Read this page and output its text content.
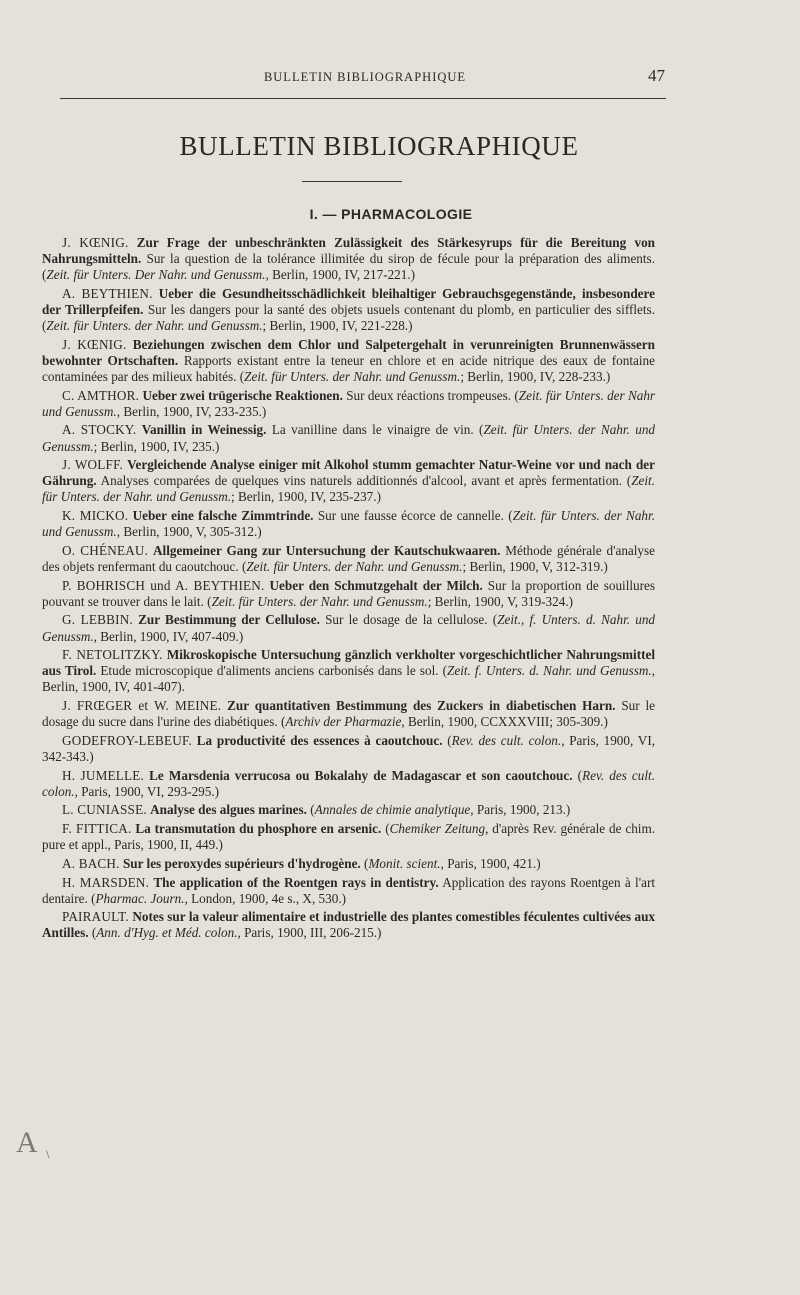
BULLETIN BIBLIOGRAPHIQUE	47
BULLETIN BIBLIOGRAPHIQUE
I. — PHARMACOLOGIE

J. KŒNIG. Zur Frage der unbeschränkten Zulässigkeit des Stärkesyrups für die Bereitung von Nahrungsmitteln. Sur la question de la tolérance illimitée du sirop de fécule pour la préparation des aliments. (Zeit. für Unters. Der Nahr. und Genussm., Berlin, 1900, IV, 217-221.)

A. BEYTHIEN. Ueber die Gesundheitsschädlichkeit bleihaltiger Gebrauchsgegenstände, insbesondere der Trillerpfeifen. Sur les dangers pour la santé des objets usuels contenant du plomb, en particulier des sifflets. (Zeit. für Unters. der Nahr. und Genussm.; Berlin, 1900, IV, 221-228.)

J. KŒNIG. Beziehungen zwischen dem Chlor und Salpetergehalt in verunreinigten Brunnenwässern bewohnter Ortschaften. Rapports existant entre la teneur en chlore et en acide nitrique des eaux de fontaine contaminées par des milieux habités. (Zeit. für Unters. der Nahr. und Genussm.; Berlin, 1900, IV, 228-233.)

C. AMTHOR. Ueber zwei trügerische Reaktionen. Sur deux réactions trompeuses. (Zeit. für Unters. der Nahr und Genussm., Berlin, 1900, IV, 233-235.)

A. STOCKY. Vanillin in Weinessig. La vanilline dans le vinaigre de vin. (Zeit. für Unters. der Nahr. und Genussm.; Berlin, 1900, IV, 235.)

J. WOLFF. Vergleichende Analyse einiger mit Alkohol stumm gemachter Natur-Weine vor und nach der Gährung. Analyses comparées de quelques vins naturels additionnés d'alcool, avant et après fermentation. (Zeit. für Unters. der Nahr. und Genussm.; Berlin, 1900, IV, 235-237.)

K. MICKO. Ueber eine falsche Zimmtrinde. Sur une fausse écorce de cannelle. (Zeit. für Unters. der Nahr. und Genussm., Berlin, 1900, V, 305-312.)

O. CHÉNEAU. Allgemeiner Gang zur Untersuchung der Kautschukwaaren. Méthode générale d'analyse des objets renfermant du caoutchouc. (Zeit. für Unters. der Nahr. und Genussm.; Berlin, 1900, V, 312-319.)

P. BOHRISCH und A. BEYTHIEN. Ueber den Schmutzgehalt der Milch. Sur la proportion de souillures pouvant se trouver dans le lait. (Zeit. für Unters. der Nahr. und Genussm.; Berlin, 1900, V, 319-324.)

G. LEBBIN. Zur Bestimmung der Cellulose. Sur le dosage de la cellulose. (Zeit., f. Unters. d. Nahr. und Genussm., Berlin, 1900, IV, 407-409.)

F. NETOLITZKY. Mikroskopische Untersuchung gänzlich verkholter vorgeschichtlicher Nahrungsmittel aus Tirol. Etude microscopique d'aliments anciens carbonisés dans le sol. (Zeit. f. Unters. d. Nahr. und Genussm., Berlin, 1900, IV, 401-407).

J. FRŒGER et W. MEINE. Zur quantitativen Bestimmung des Zuckers in diabetischen Harn. Sur le dosage du sucre dans l'urine des diabétiques. (Archiv der Pharmazie, Berlin, 1900, CCXXXVIII; 305-309.)

GODEFROY-LEBEUF. La productivité des essences à caoutchouc. (Rev. des cult. colon., Paris, 1900, VI, 342-343.)

H. JUMELLE. Le Marsdenia verrucosa ou Bokalahy de Madagascar et son caoutchouc. (Rev. des cult. colon., Paris, 1900, VI, 293-295.)

L. CUNIASSE. Analyse des algues marines. (Annales de chimie analytique, Paris, 1900, 213.)

F. FITTICA. La transmutation du phosphore en arsenic. (Chemiker Zeitung, d'après Rev. générale de chim. pure et appl., Paris, 1900, II, 449.)

A. BACH. Sur les peroxydes supérieurs d'hydrogène. (Monit. scient., Paris, 1900, 421.)

H. MARSDEN. The application of the Roentgen rays in dentistry. Application des rayons Roentgen à l'art dentaire. (Pharmac. Journ., London, 1900, 4e s., X, 530.)

PAIRAULT. Notes sur la valeur alimentaire et industrielle des plantes comestibles féculentes cultivées aux Antilles. (Ann. d'Hyg. et Méd. colon., Paris, 1900, III, 206-215.)

A \
